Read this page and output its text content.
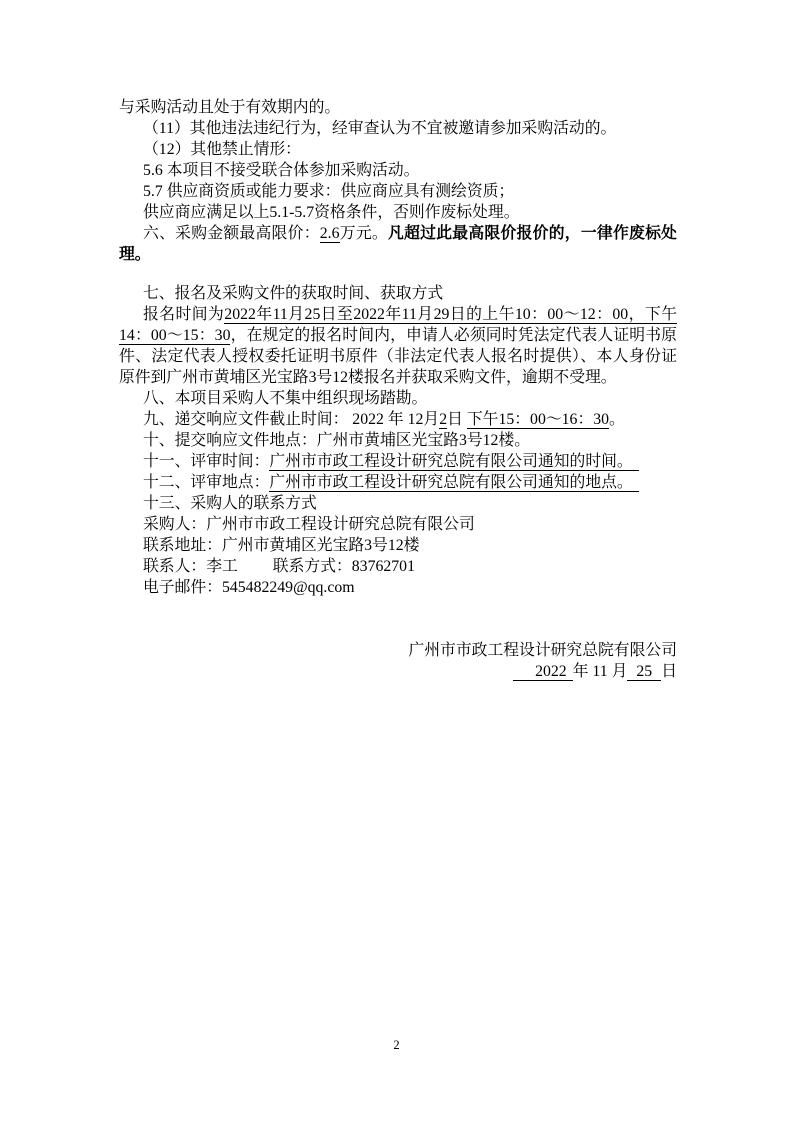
与采购活动且处于有效期内的。

（11）其他违法违纪行为，经审查认为不宜被邀请参加采购活动的。

（12）其他禁止情形：

5.6 本项目不接受联合体参加采购活动。

5.7 供应商资质或能力要求：供应商应具有测绘资质；

供应商应满足以上5.1-5.7资格条件，否则作废标处理。

六、采购金额最高限价：2.6万元。凡超过此最高限价报价的，一律作废标处理。

七、报名及采购文件的获取时间、获取方式

报名时间为2022年11月25日至2022年11月29日的上午10：00～12：00，下午14：00～15：30，在规定的报名时间内，申请人必须同时凭法定代表人证明书原件、法定代表人授权委托证明书原件（非法定代表人报名时提供）、本人身份证原件到广州市黄埔区光宝路3号12楼报名并获取采购文件，逾期不受理。

八、本项目采购人不集中组织现场踏勘。

九、递交响应文件截止时间： 2022 年 12月2日 下午15：00～16：30。

十、提交响应文件地点：广州市黄埔区光宝路3号12楼。

十一、评审时间：广州市市政工程设计研究总院有限公司通知的时间。

十二、评审地点：广州市市政工程设计研究总院有限公司通知的地点。

十三、采购人的联系方式

采购人：广州市市政工程设计研究总院有限公司

联系地址：广州市黄埔区光宝路3号12楼

联系人：李工 联系方式：83762701

电子邮件：545482249@qq.com

广州市市政工程设计研究总院有限公司

2022 年 11 月 25 日

2
